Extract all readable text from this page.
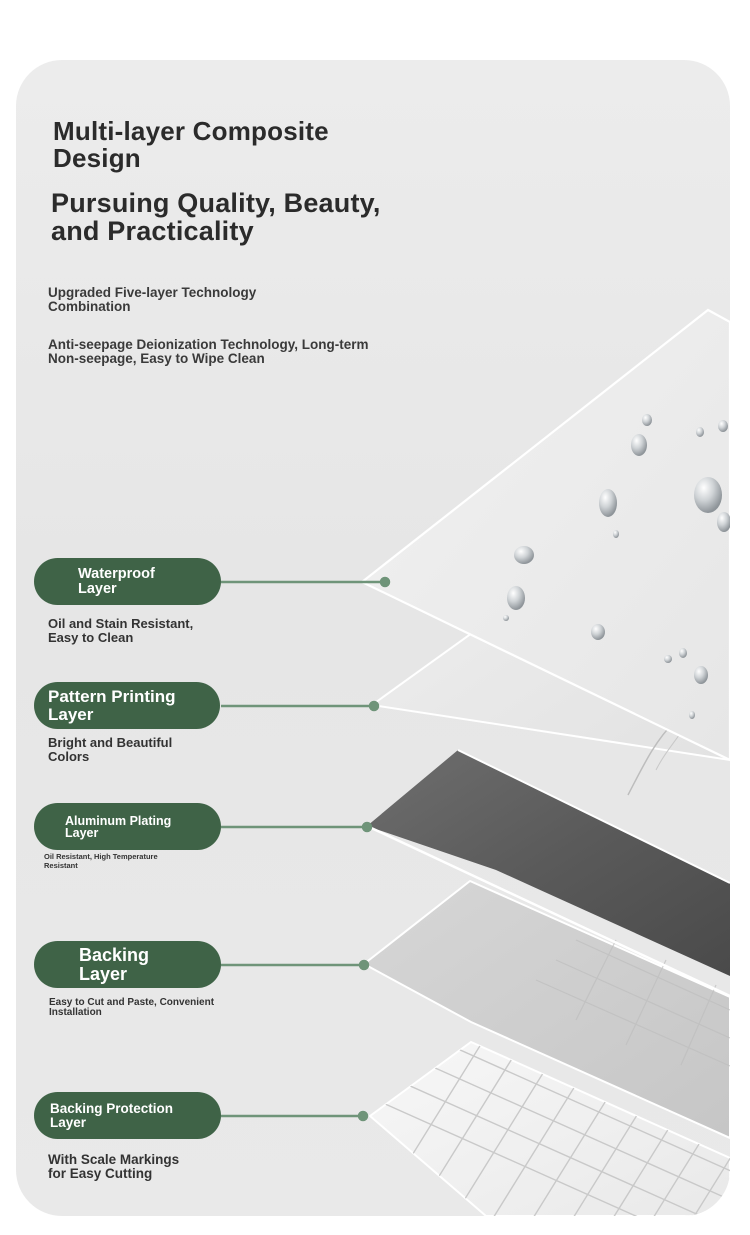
Multi-layer Composite
Design
Pursuing Quality, Beauty,
and Practicality

Upgraded Five-layer Technology
Combination

Anti-seepage Deionization Technology, Long-term
Non-seepage, Easy to Wipe Clean

Waterproof
Layer

Oil and Stain Resistant,
Easy to Clean

Pattern Printing
Layer

Bright and Beautiful
Colors

Aluminum Plating
Layer

Oil Resistant, High Temperature
Resistant

Backing
Layer

Easy to Cut and Paste, Convenient
Installation

Backing Protection
Layer

With Scale Markings
for Easy Cutting
